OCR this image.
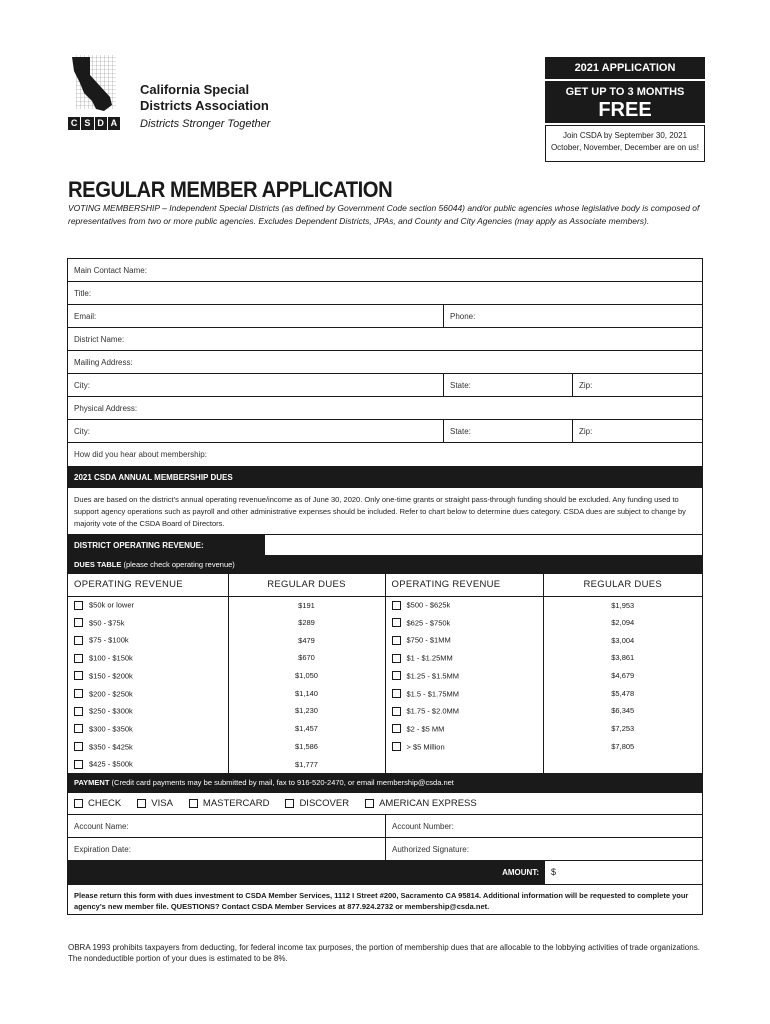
C S D A
California Special Districts Association
Districts Stronger Together
2021 APPLICATION
GET UP TO 3 MONTHS
FREE
Join CSDA by September 30, 2021
October, November, December are on us!
REGULAR MEMBER APPLICATION
VOTING MEMBERSHIP – Independent Special Districts (as defined by Government Code section 56044) and/or public agencies whose legislative body is composed of representatives from two or more public agencies. Excludes Dependent Districts, JPAs, and County and City Agencies (may apply as Associate members).
Main Contact Name:
Title:
Email:	Phone:
District Name:
Mailing Address:
City:	State:	Zip:
Physical Address:
City:	State:	Zip:
How did you hear about membership:
2021 CSDA ANNUAL MEMBERSHIP DUES
Dues are based on the district's annual operating revenue/income as of June 30, 2020. Only one-time grants or straight pass-through funding should be excluded. Any funding used to support agency operations such as payroll and other administrative expenses should be included. Refer to chart below to determine dues category. CSDA dues are subject to change by majority vote of the CSDA Board of Directors.
DISTRICT OPERATING REVENUE:
DUES TABLE (please check operating revenue)
OPERATING REVENUE	REGULAR DUES	OPERATING REVENUE	REGULAR DUES
$50k or lower	$191	$500 - $625k	$1,953
$50 - $75k	$289	$625 - $750k	$2,094
$75 - $100k	$479	$750 - $1MM	$3,004
$100 - $150k	$670	$1 - $1.25MM	$3,861
$150 - $200k	$1,050	$1.25 - $1.5MM	$4,679
$200 - $250k	$1,140	$1.5 - $1.75MM	$5,478
$250 - $300k	$1,230	$1.75 - $2.0MM	$6,345
$300 - $350k	$1,457	$2 - $5 MM	$7,253
$350 - $425k	$1,586	> $5 Million	$7,805
$425 - $500k	$1,777		
PAYMENT (Credit card payments may be submitted by mail, fax to 916-520-2470, or email membership@csda.net
CHECK	VISA	MASTERCARD	DISCOVER	AMERICAN EXPRESS
Account Name:	Account Number:
Expiration Date:	Authorized Signature:
AMOUNT:	$
Please return this form with dues investment to CSDA Member Services, 1112 I Street #200, Sacramento CA 95814. Additional information will be requested to complete your agency's new member file. QUESTIONS? Contact CSDA Member Services at 877.924.2732 or membership@csda.net.
OBRA 1993 prohibits taxpayers from deducting, for federal income tax purposes, the portion of membership dues that are allocable to the lobbying activities of trade organizations. The nondeductible portion of your dues is estimated to be 8%.
